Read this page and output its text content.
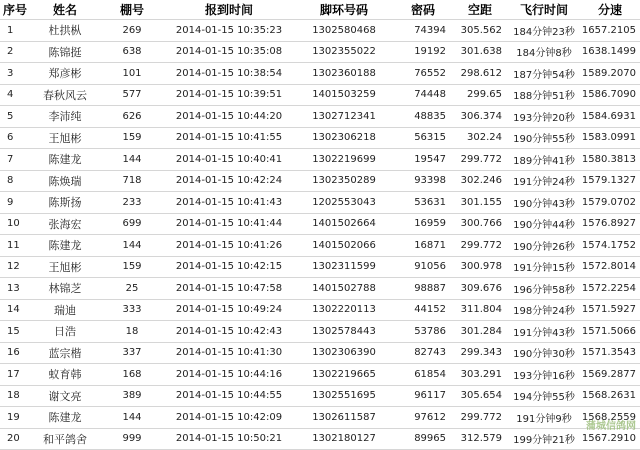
序号	姓名	棚号	报到时间	脚环号码	密码	空距	飞行时间	分速
1	杜拱枞	269	2014-01-15 10:35:23	1302580468	74394	305.562	184分钟23秒	1657.2105
2	陈锦挺	638	2014-01-15 10:35:08	1302355022	19192	301.638	184分钟8秒	1638.1499
3	郑彦彬	101	2014-01-15 10:38:54	1302360188	76552	298.612	187分钟54秒	1589.2070
4	春秋风云	577	2014-01-15 10:39:51	1401503259	74448	299.65	188分钟51秒	1586.7090
5	李沛纯	626	2014-01-15 10:44:20	1302712341	48835	306.374	193分钟20秒	1584.6931
6	王旭彬	159	2014-01-15 10:41:55	1302306218	56315	302.24	190分钟55秒	1583.0991
7	陈建龙	144	2014-01-15 10:40:41	1302219699	19547	299.772	189分钟41秒	1580.3813
8	陈焕瑞	718	2014-01-15 10:42:24	1302350289	93398	302.246	191分钟24秒	1579.1327
9	陈斯扬	233	2014-01-15 10:41:43	1202553043	53631	301.155	190分钟43秒	1579.0702
10	张海宏	699	2014-01-15 10:41:44	1401502664	16959	300.766	190分钟44秒	1576.8927
11	陈建龙	144	2014-01-15 10:41:26	1401502066	16871	299.772	190分钟26秒	1574.1752
12	王旭彬	159	2014-01-15 10:42:15	1302311599	91056	300.978	191分钟15秒	1572.8014
13	林锦芝	25	2014-01-15 10:47:58	1401502788	98887	309.676	196分钟58秒	1572.2254
14	瑞迪	333	2014-01-15 10:49:24	1302220113	44152	311.804	198分钟24秒	1571.5927
15	日浩	18	2014-01-15 10:42:43	1302578443	53786	301.284	191分钟43秒	1571.5066
16	蓝宗楷	337	2014-01-15 10:41:30	1302306390	82743	299.343	190分钟30秒	1571.3543
17	蚁育韩	168	2014-01-15 10:44:16	1302219665	61854	303.291	193分钟16秒	1569.2877
18	谢文亮	389	2014-01-15 10:44:55	1302551695	96117	305.654	194分钟55秒	1568.2631
19	陈建龙	144	2014-01-15 10:42:09	1302611587	97612	299.772	191分钟9秒	1568.2559
20	和平鸽舍	999	2014-01-15 10:50:21	1302180127	89965	312.579	199分钟21秒	1567.2910
蒲城信鸽网
